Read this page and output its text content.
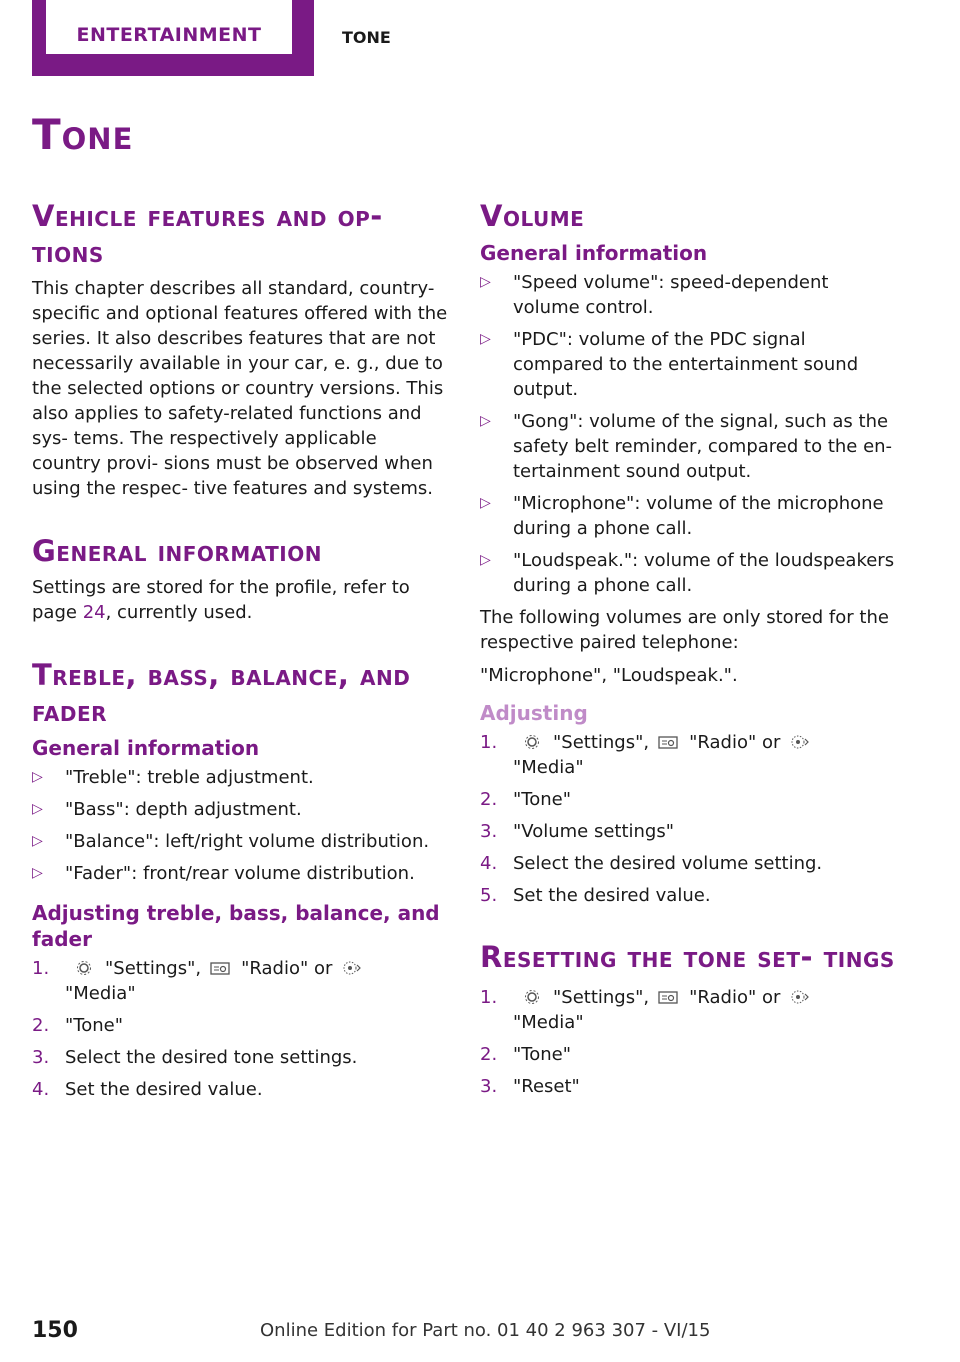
ENTERTAINMENT	TONE
Tone
Vehicle features and op‐ tions

This chapter describes all standard, country-specific and optional features offered with the series. It also describes features that are not necessarily available in your car, e. g., due to the selected options or country versions. This also applies to safety-related functions and sys‐ tems. The respectively applicable country provi‐ sions must be observed when using the respec‐ tive features and systems.

General information

Settings are stored for the profile, refer to page 24, currently used.

Treble, bass, balance, and fader
General information
▷ "Treble": treble adjustment.
▷ "Bass": depth adjustment.
▷ "Balance": left/right volume distribution.
▷ "Fader": front/rear volume distribution.
Adjusting treble, bass, balance, and fader
1.	"Settings", "Radio" or
"Media"
2. "Tone"
3. Select the desired tone settings.
4. Set the desired value.
Volume
General information
▷ "Speed volume": speed-dependent volume control.
▷ "PDC": volume of the PDC signal compared to the entertainment sound output.
▷ "Gong": volume of the signal, such as the safety belt reminder, compared to the en‐ tertainment sound output.
▷ "Microphone": volume of the microphone during a phone call.
▷ "Loudspeak.": volume of the loudspeakers during a phone call.

The following volumes are only stored for the respective paired telephone:

"Microphone", "Loudspeak.".

Adjusting
1.	"Settings", "Radio" or
"Media"
2. "Tone"
3. "Volume settings"
4. Select the desired volume setting.
5. Set the desired value.
Resetting the tone set‐ tings
1.	"Settings", "Radio" or
"Media"
2. "Tone"
3. "Reset"
150	Online Edition for Part no. 01 40 2 963 307 - VI/15
